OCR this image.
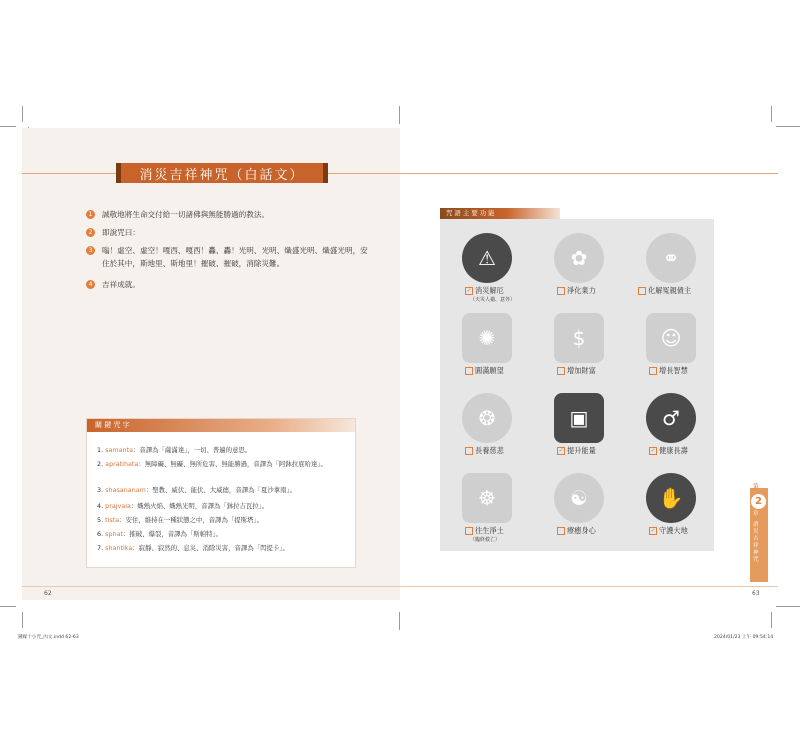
消災吉祥神咒（白話文）
1	誠敬地將生命交付給一切諸佛與無能勝過的教法。
2	即說咒曰：
3	嗡！虛空、虛空！嘎西、嘎西！轟、轟！光明、光明、熾盛光明、熾盛光明，安住於其中，斯地里、斯地里！摧破、摧破，消除災難。
4	吉祥成就。
關 鍵 咒 字
1. samanta：音譯為「薩滿達」，一切、普遍的意思。
2. apratihata：無障礙、無礙、無所危害、無能勝過，音譯為「阿鉢拉底哈達」。
3. shasananam：聖教、威伏、能伏、大威德，音譯為「夏沙拿南」。
4. prajvala：熾熱火焰、熾熱光明，音譯為「鉢拉吉瓦拉」。
5. tista：安住，維持在一種狀態之中，音譯為「提斯塔」。
6. sphat：摧破、爆裂，音譯為「斯帕特」。
7. shantika：寂靜、寂然的、息災、消除災害，音譯為「閃提卡」。
62
咒 語 主 要 功 能
⚠
✓ 消災解厄
（天災人禍、意外）
✿
淨化業力
⚭
化解冤親債主
✺
圓滿願望
$
增加財富
☺
增長智慧
❂
長養慈悲
▣
✓ 提升能量
♂
✓ 健康長壽
☸
往生淨土
（臨終救亡）
☯
療癒身心
✋
✓ 守護大地
第
2
章
消災吉祥神咒
63
鍾嫁十小咒_內文.indd 62-63	2024/01/23 上午 09:54:14
